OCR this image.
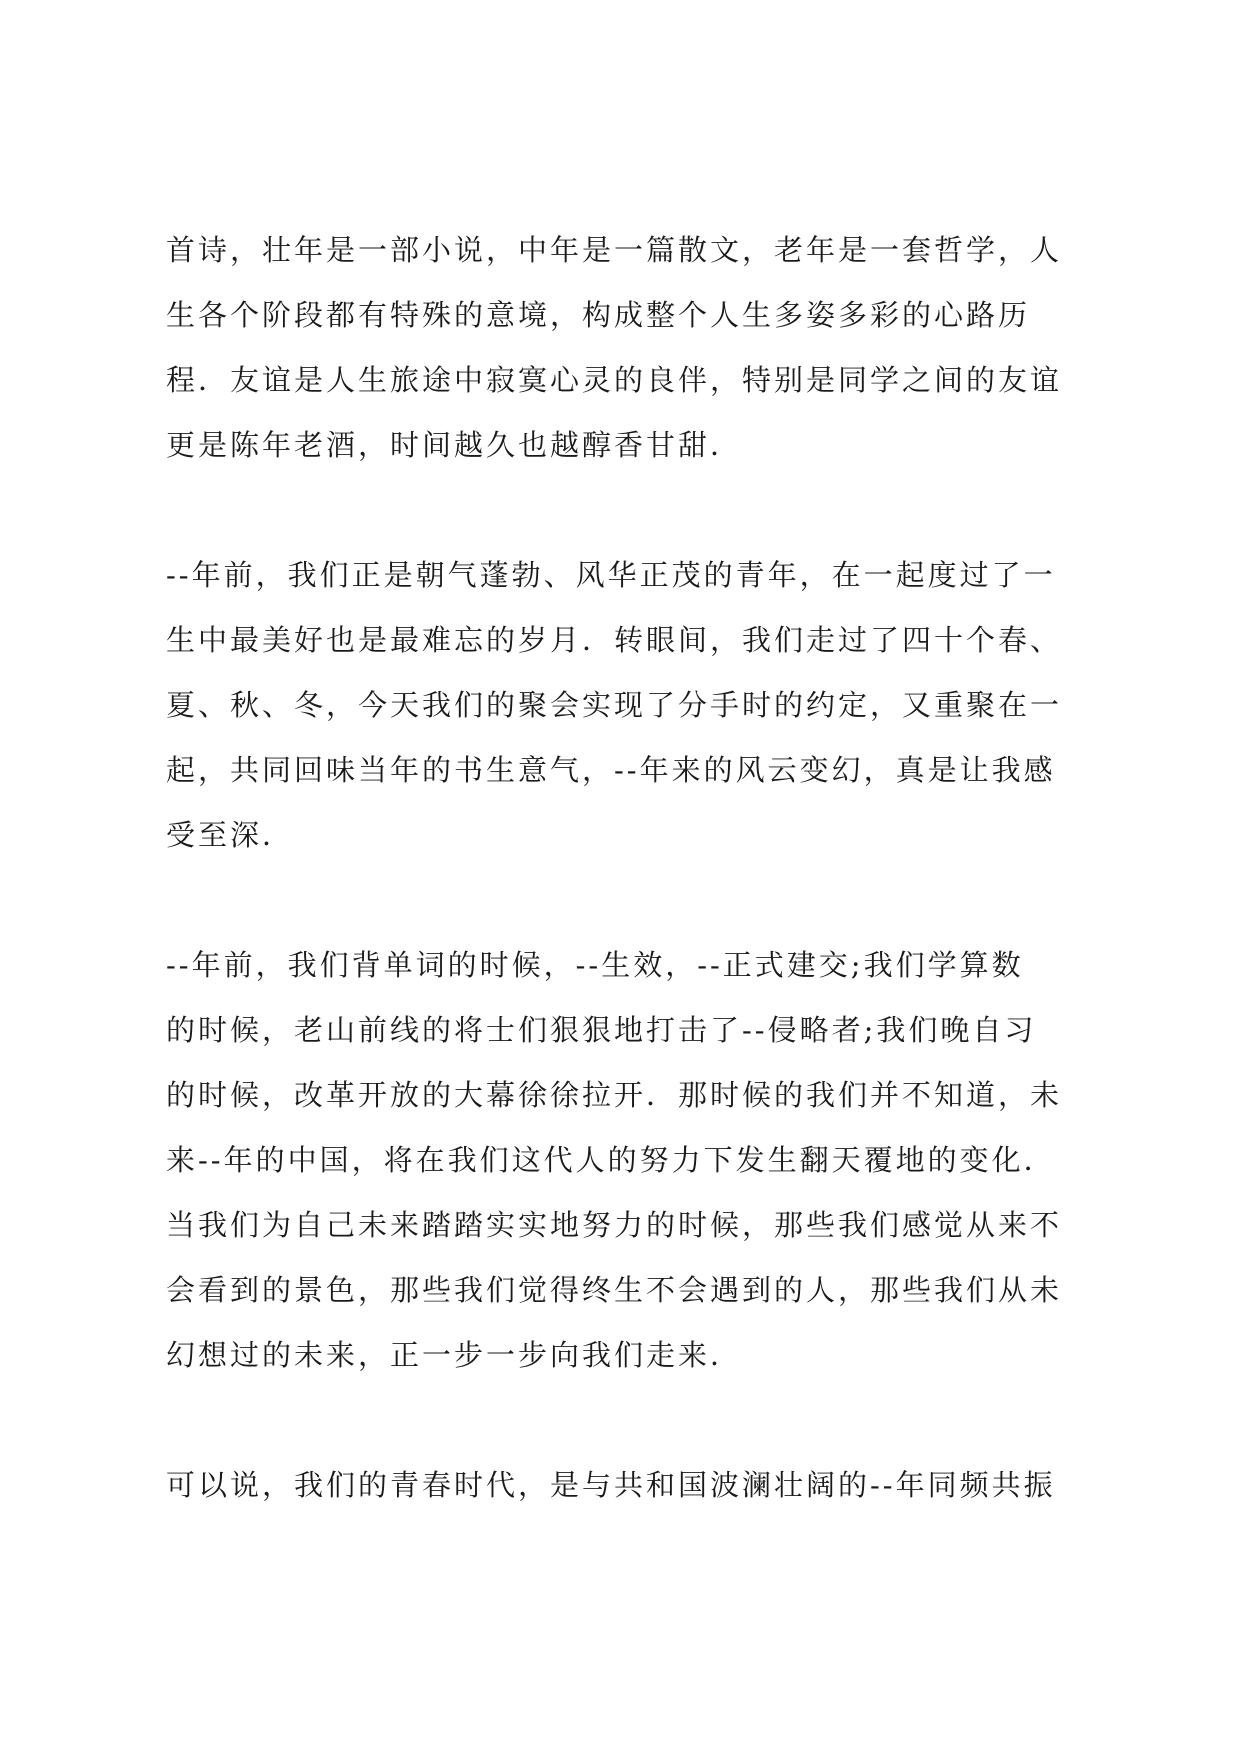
首诗，壮年是一部小说，中年是一篇散文，老年是一套哲学，人
生各个阶段都有特殊的意境，构成整个人生多姿多彩的心路历
程．友谊是人生旅途中寂寞心灵的良伴，特别是同学之间的友谊
更是陈年老酒，时间越久也越醇香甘甜．
--年前，我们正是朝气蓬勃、风华正茂的青年，在一起度过了一
生中最美好也是最难忘的岁月．转眼间，我们走过了四十个春、
夏、秋、冬，今天我们的聚会实现了分手时的约定，又重聚在一
起，共同回味当年的书生意气，--年来的风云变幻，真是让我感
受至深．
--年前，我们背单词的时候，--生效，--正式建交;我们学算数
的时候，老山前线的将士们狠狠地打击了--侵略者;我们晚自习
的时候，改革开放的大幕徐徐拉开．那时候的我们并不知道，未
来--年的中国，将在我们这代人的努力下发生翻天覆地的变化．
当我们为自己未来踏踏实实地努力的时候，那些我们感觉从来不
会看到的景色，那些我们觉得终生不会遇到的人，那些我们从未
幻想过的未来，正一步一步向我们走来．
可以说，我们的青春时代，是与共和国波澜壮阔的--年同频共振
